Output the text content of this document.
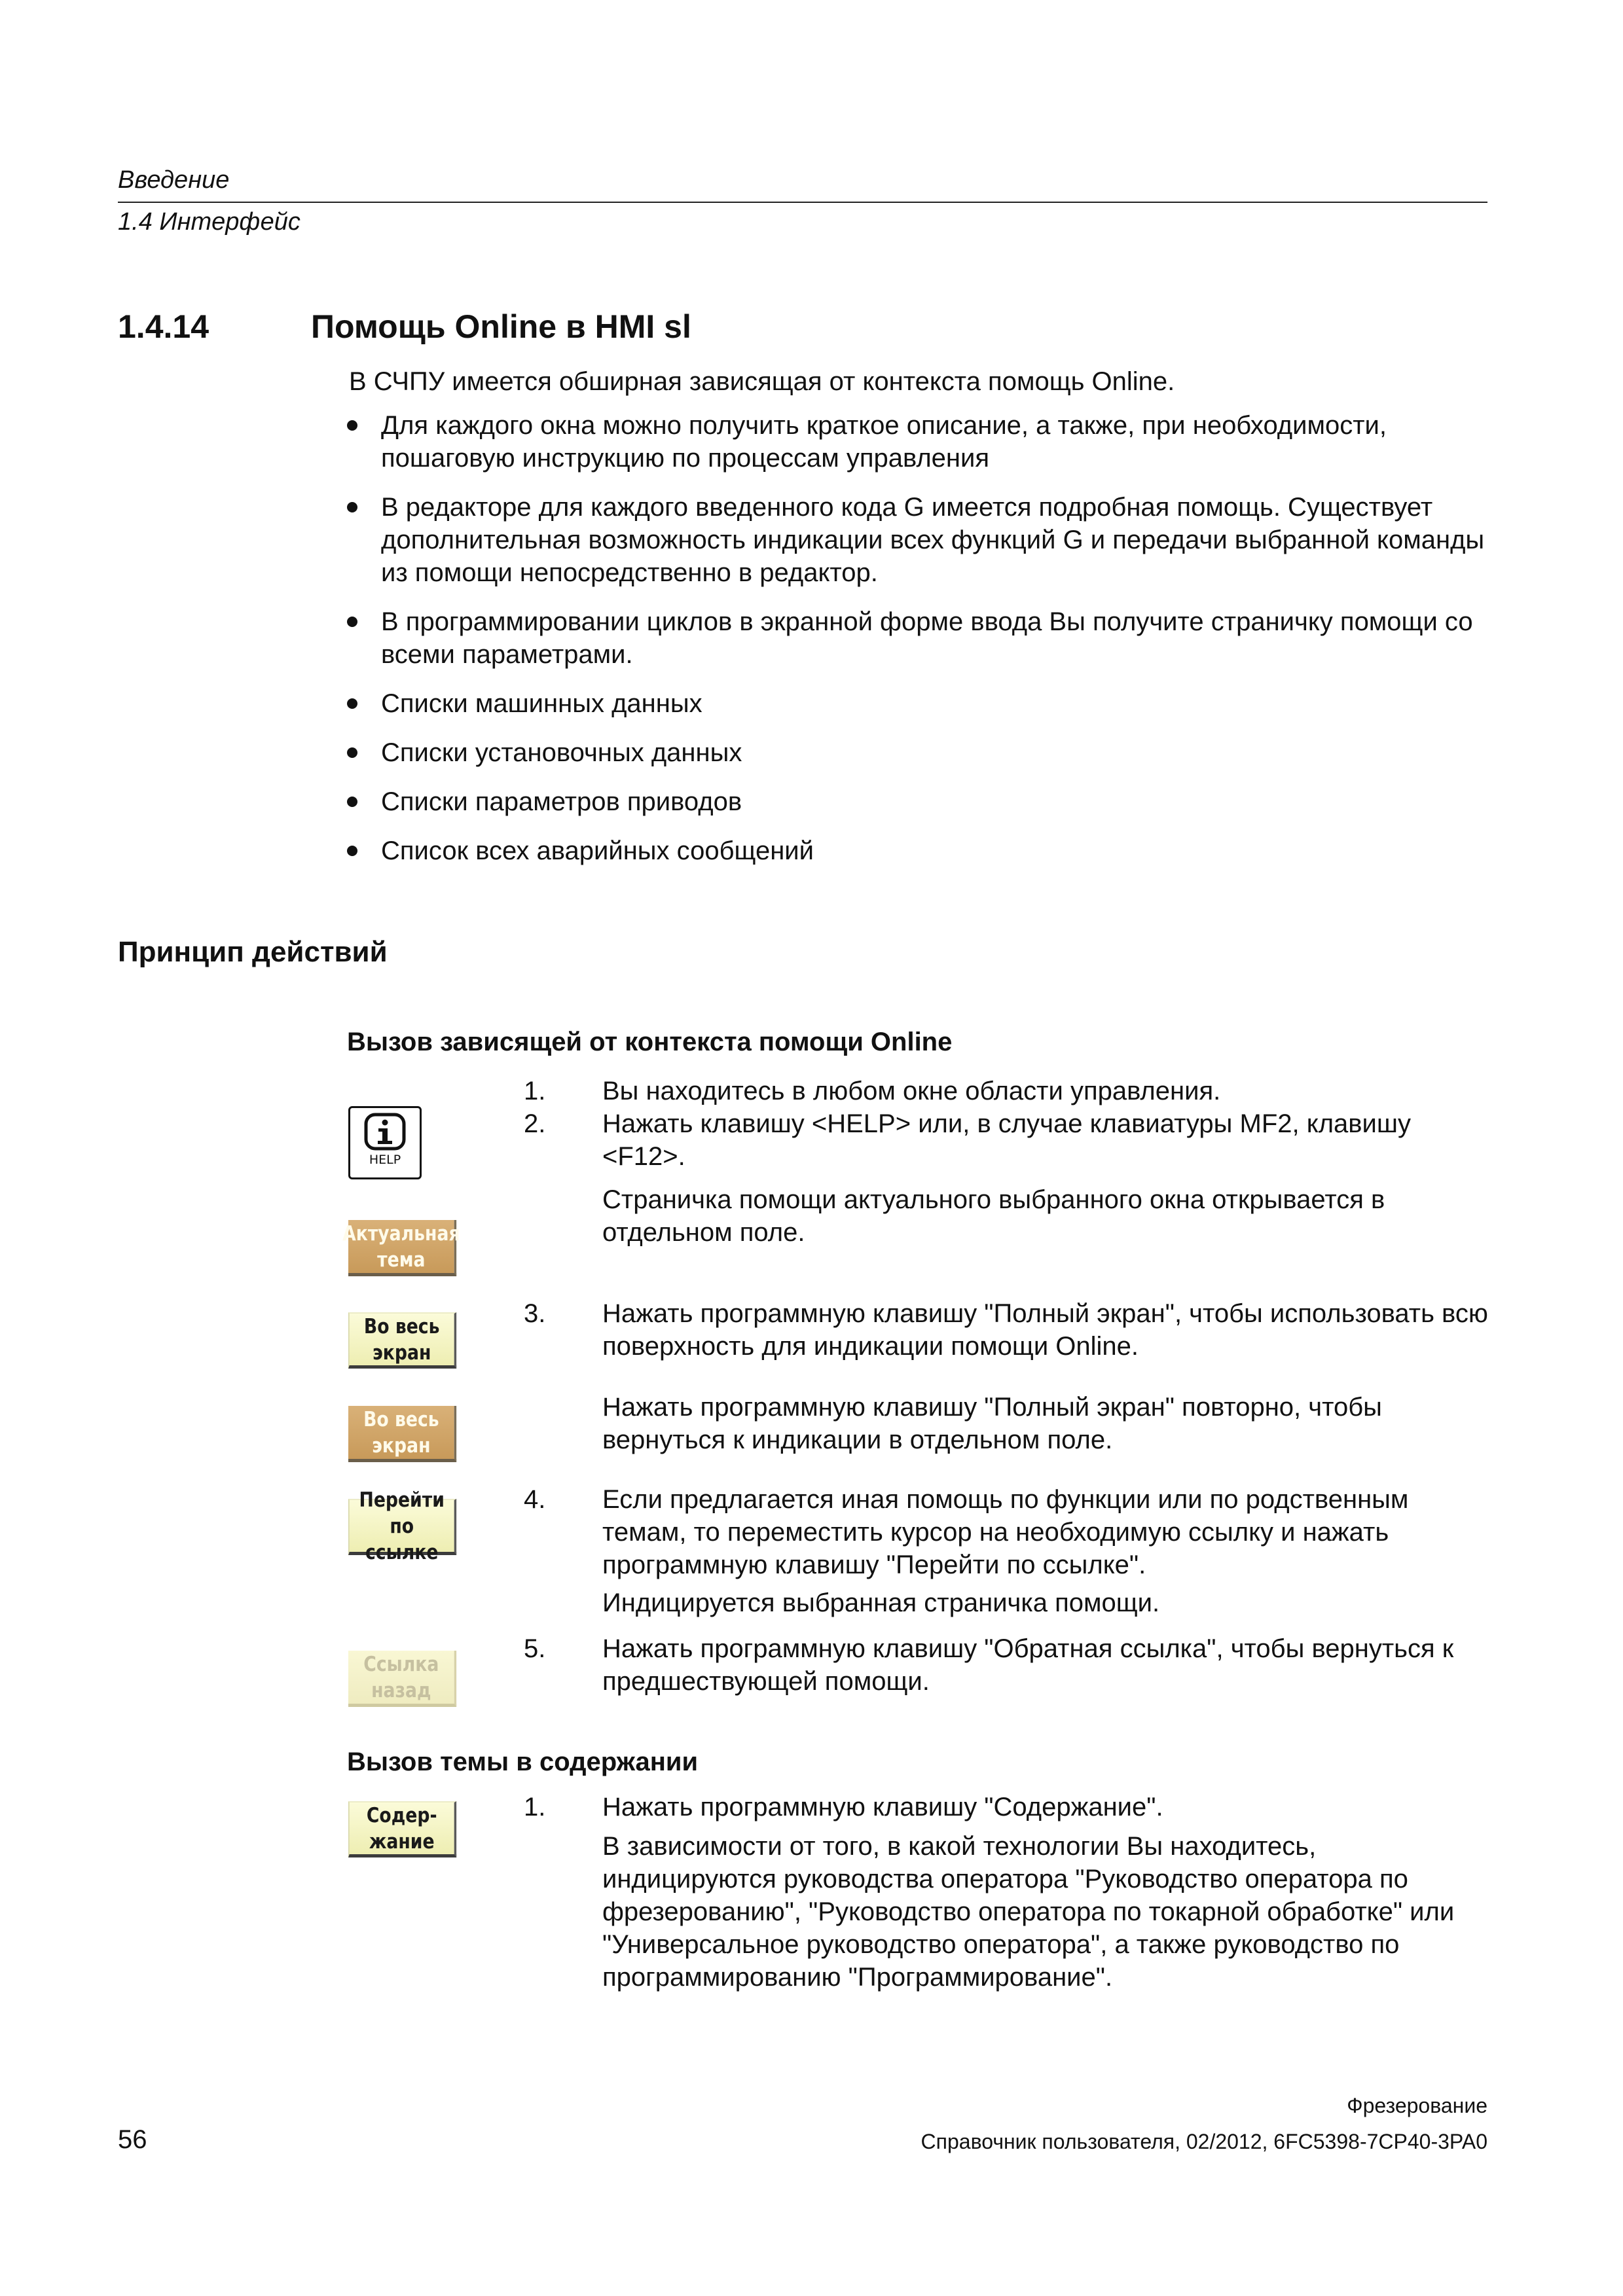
Введение
1.4 Интерфейс
1.4.14	Помощь Online в HMI sl
В СЧПУ имеется обширная зависящая от контекста помощь Online.
Для каждого окна можно получить краткое описание, а также, при необходимости, пошаговую инструкцию по процессам управления
В редакторе для каждого введенного кода G имеется подробная помощь. Существует дополнительная возможность индикации всех функций G и передачи выбранной команды из помощи непосредственно в редактор.
В программировании циклов в экранной форме ввода Вы получите страничку помощи со всеми параметрами.
Списки машинных данных
Списки установочных данных
Списки параметров приводов
Список всех аварийных сообщений
Принцип действий
Вызов зависящей от контекста помощи Online
HELP
Актуальная
тема
Во весь
экран
Во весь
экран
Перейти по
ссылке
Ссылка
назад
1. Вы находитесь в любом окне области управления.
2. Нажать клавишу <HELP> или, в случае клавиатуры MF2, клавишу <F12>.
Страничка помощи актуального выбранного окна открывается в отдельном поле.
3. Нажать программную клавишу "Полный экран", чтобы использовать всю поверхность для индикации помощи Online.
Нажать программную клавишу "Полный экран" повторно, чтобы вернуться к индикации в отдельном поле.
4. Если предлагается иная помощь по функции или по родственным темам, то переместить курсор на необходимую ссылку и нажать программную клавишу "Перейти по ссылке".
Индицируется выбранная страничка помощи.
5. Нажать программную клавишу "Обратная ссылка", чтобы вернуться к предшествующей помощи.
Вызов темы в содержании
Содер-
жание
1. Нажать программную клавишу "Содержание".
В зависимости от того, в какой технологии Вы находитесь, индицируются руководства оператора "Руководство оператора по фрезерованию", "Руководство оператора по токарной обработке" или "Универсальное руководство оператора", а также руководство по программированию "Программирование".
Фрезерование
56	Справочник пользователя, 02/2012, 6FC5398-7CP40-3PA0
